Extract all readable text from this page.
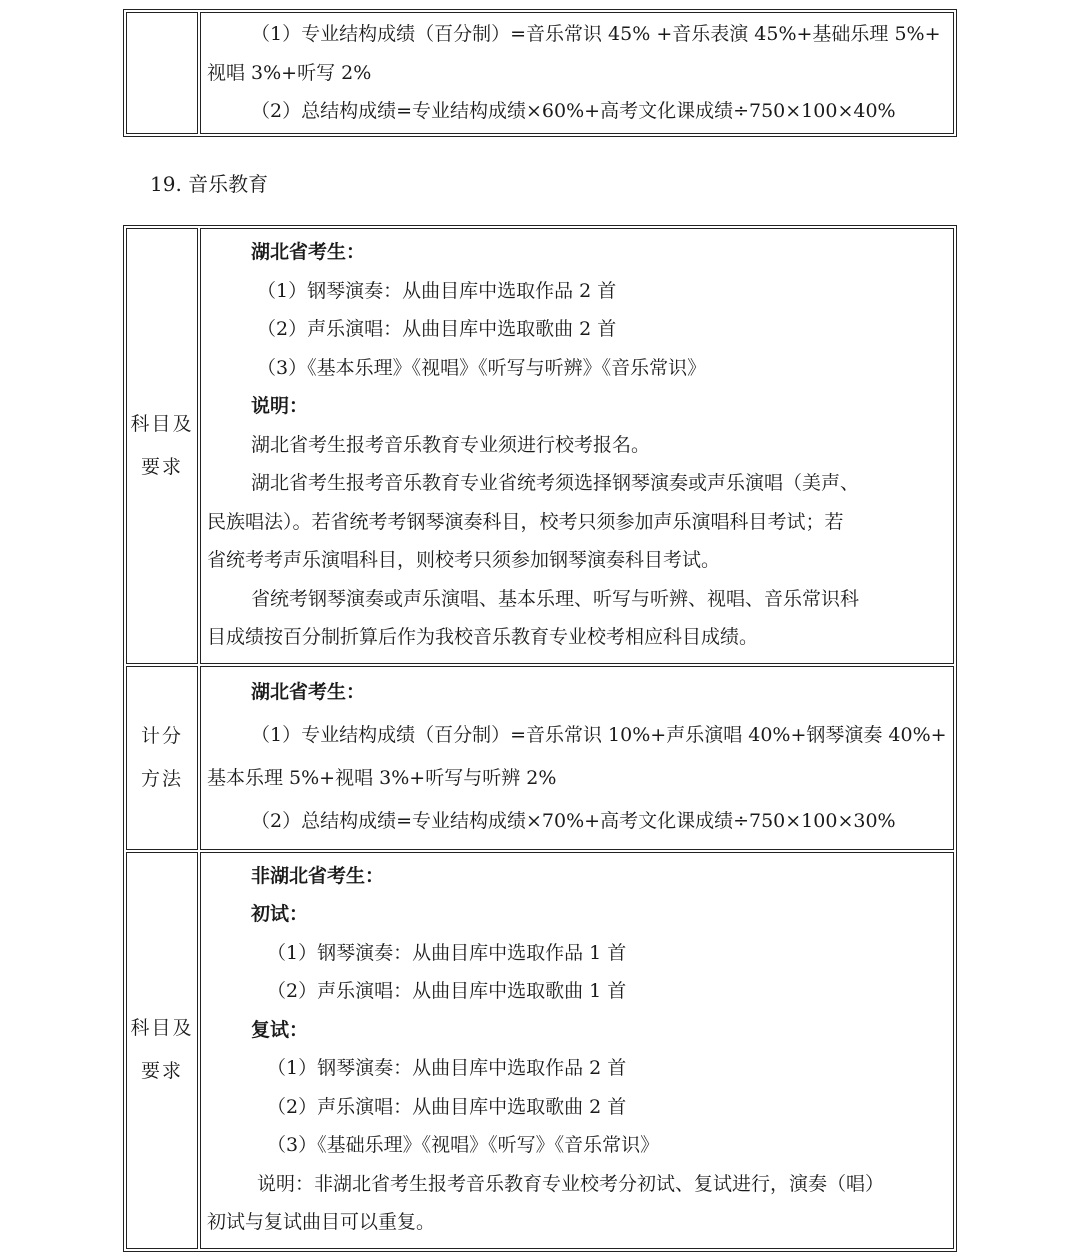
（1）专业结构成绩（百分制）=音乐常识 45% +音乐表演 45%+基础乐理 5%+

视唱 3%+听写 2%

（2）总结构成绩=专业结构成绩×60%+高考文化课成绩÷750×100×40%

19. 音乐教育

科目及
要求

湖北省考生：

（1）钢琴演奏：从曲目库中选取作品 2 首

（2）声乐演唱：从曲目库中选取歌曲 2 首

（3）《基本乐理》《视唱》《听写与听辨》《音乐常识》

说明：

湖北省考生报考音乐教育专业须进行校考报名。

湖北省考生报考音乐教育专业省统考须选择钢琴演奏或声乐演唱（美声、

民族唱法）。若省统考考钢琴演奏科目，校考只须参加声乐演唱科目考试；若

省统考考声乐演唱科目，则校考只须参加钢琴演奏科目考试。

省统考钢琴演奏或声乐演唱、基本乐理、听写与听辨、视唱、音乐常识科

目成绩按百分制折算后作为我校音乐教育专业校考相应科目成绩。

计分
方法

湖北省考生：

（1）专业结构成绩（百分制）=音乐常识 10%+声乐演唱 40%+钢琴演奏 40%+

基本乐理 5%+视唱 3%+听写与听辨 2%

（2）总结构成绩=专业结构成绩×70%+高考文化课成绩÷750×100×30%

科目及
要求

非湖北省考生：

初试：

（1）钢琴演奏：从曲目库中选取作品 1 首

（2）声乐演唱：从曲目库中选取歌曲 1 首

复试：

（1）钢琴演奏：从曲目库中选取作品 2 首

（2）声乐演唱：从曲目库中选取歌曲 2 首

（3）《基础乐理》《视唱》《听写》《音乐常识》

说明：非湖北省考生报考音乐教育专业校考分初试、复试进行，演奏（唱）

初试与复试曲目可以重复。
